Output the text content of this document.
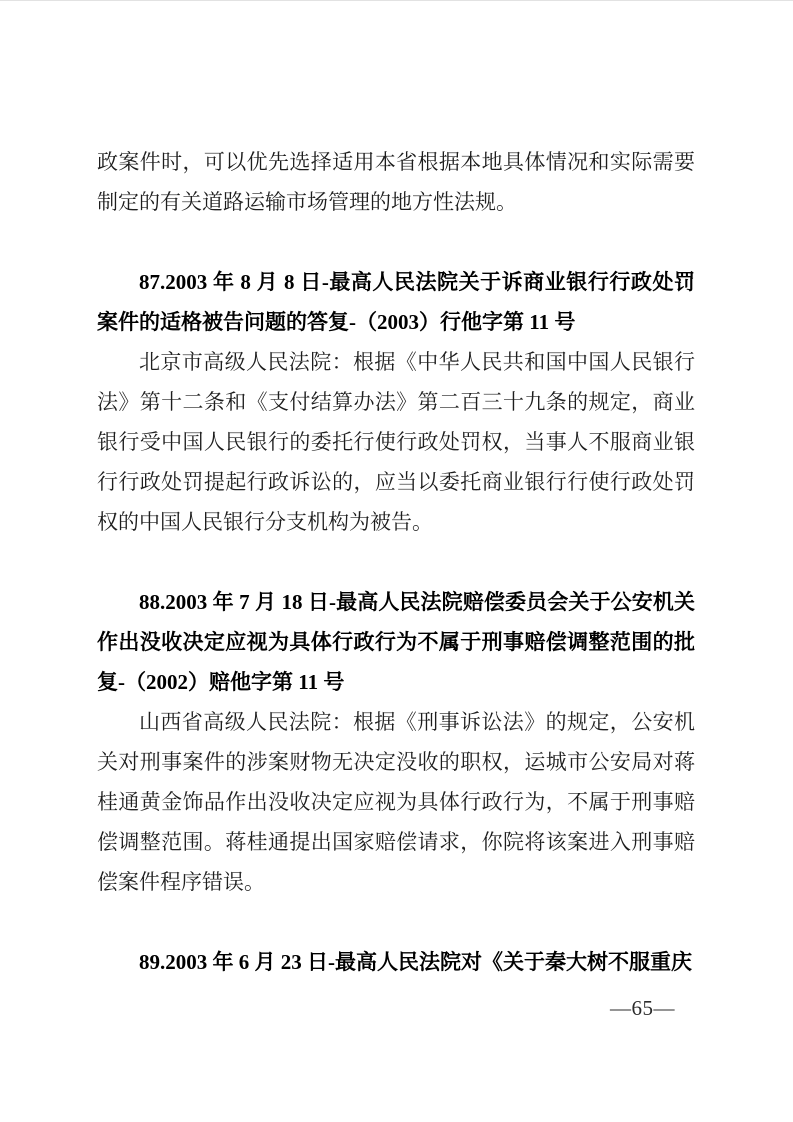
政案件时，可以优先选择适用本省根据本地具体情况和实际需要制定的有关道路运输市场管理的地方性法规。

87.2003 年 8 月 8 日-最高人民法院关于诉商业银行行政处罚案件的适格被告问题的答复-（2003）行他字第 11 号

北京市高级人民法院：根据《中华人民共和国中国人民银行法》第十二条和《支付结算办法》第二百三十九条的规定，商业银行受中国人民银行的委托行使行政处罚权，当事人不服商业银行行政处罚提起行政诉讼的，应当以委托商业银行行使行政处罚权的中国人民银行分支机构为被告。

88.2003 年 7 月 18 日-最高人民法院赔偿委员会关于公安机关作出没收决定应视为具体行政行为不属于刑事赔偿调整范围的批复-（2002）赔他字第 11 号

山西省高级人民法院：根据《刑事诉讼法》的规定，公安机关对刑事案件的涉案财物无决定没收的职权，运城市公安局对蒋桂通黄金饰品作出没收决定应视为具体行政行为，不属于刑事赔偿调整范围。蒋桂通提出国家赔偿请求，你院将该案进入刑事赔偿案件程序错误。

89.2003 年 6 月 23 日-最高人民法院对《关于秦大树不服重庆

—65—
